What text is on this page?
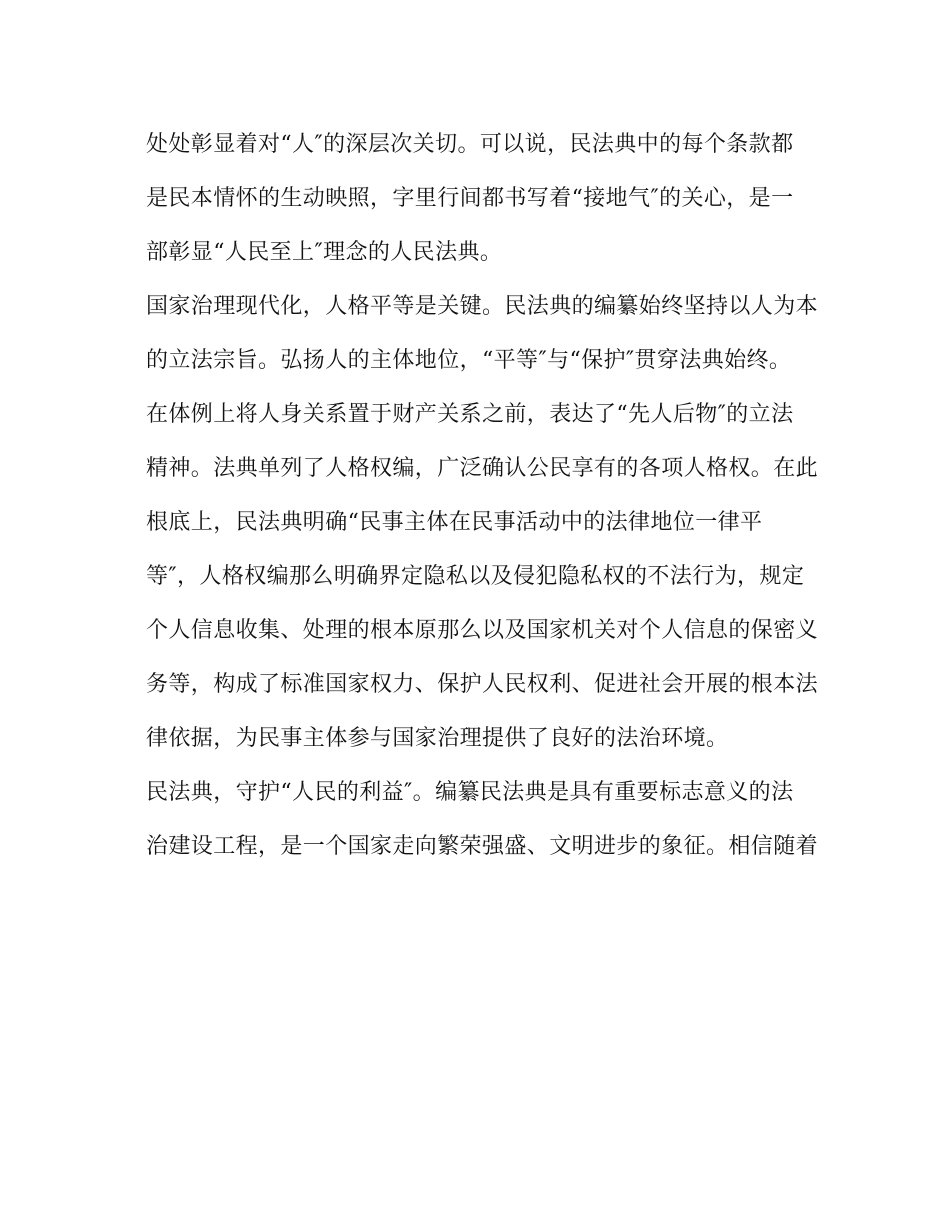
处处彰显着对“人″的深层次关切。可以说，民法典中的每个条款都
是民本情怀的生动映照，字里行间都书写着“接地气″的关心，是一
部彰显“人民至上″理念的人民法典。
国家治理现代化，人格平等是关键。民法典的编纂始终坚持以人为本
的立法宗旨。弘扬人的主体地位，“平等″与“保护″贯穿法典始终。
在体例上将人身关系置于财产关系之前，表达了“先人后物″的立法
精神。法典单列了人格权编，广泛确认公民享有的各项人格权。在此
根底上，民法典明确“民事主体在民事活动中的法律地位一律平
等″，人格权编那么明确界定隐私以及侵犯隐私权的不法行为，规定
个人信息收集、处理的根本原那么以及国家机关对个人信息的保密义
务等，构成了标准国家权力、保护人民权利、促进社会开展的根本法
律依据，为民事主体参与国家治理提供了良好的法治环境。
民法典，守护“人民的利益″。编纂民法典是具有重要标志意义的法
治建设工程，是一个国家走向繁荣强盛、文明进步的象征。相信随着
